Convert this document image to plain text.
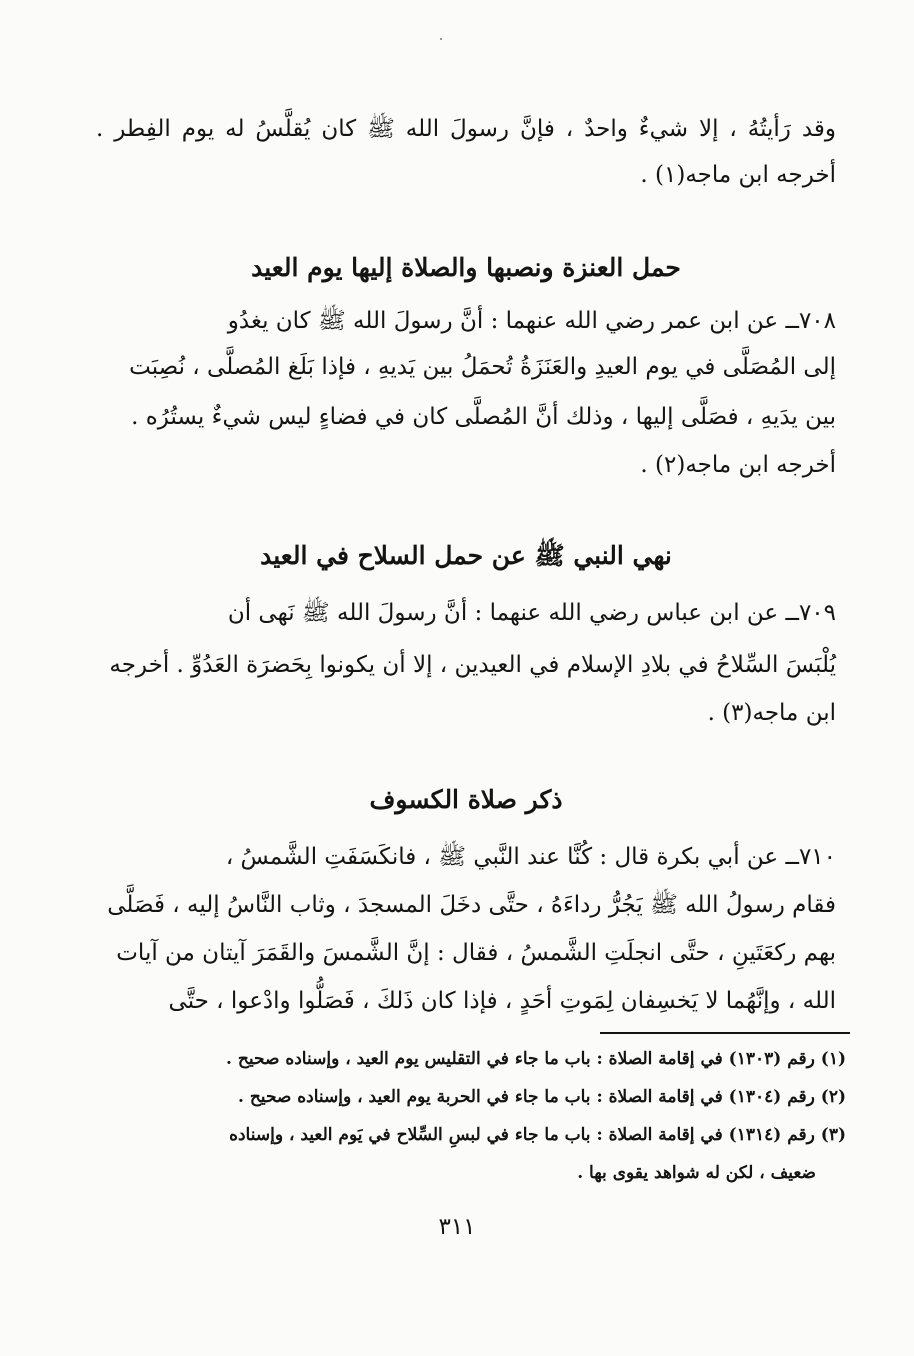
وقد رَأيتُهُ ، إلا شيءٌ واحدٌ ، فإنَّ رسولَ الله ﷺ كان يُقلَّسُ له يوم الفِطر .
أخرجه ابن ماجه(١) .
حمل العنزة ونصبها والصلاة إليها يوم العيد
٧٠٨ــ عن ابن عمر رضي الله عنهما : أنَّ رسولَ الله ﷺ كان يغدُو
إلى المُصَلَّى في يوم العيدِ والعَنَزَةُ تُحمَلُ بين يَديهِ ، فإذا بَلَغ المُصلَّى ، نُصِبَت
بين يدَيهِ ، فصَلَّى إليها ، وذلك أنَّ المُصلَّى كان في فضاءٍ ليس شيءٌ يستُرُه .
أخرجه ابن ماجه(٢) .
نهي النبي ﷺ عن حمل السلاح في العيد
٧٠٩ــ عن ابن عباس رضي الله عنهما : أنَّ رسولَ الله ﷺ نَهى أن
يُلْبَسَ السِّلاحُ في بلادِ الإسلام في العيدين ، إلا أن يكونوا بِحَضرَة العَدُوِّ . أخرجه
ابن ماجه(٣) .
ذكر صلاة الكسوف
٧١٠ــ عن أبي بكرة قال : كُنَّا عند النَّبي ﷺ ، فانكَسَفَتِ الشَّمسُ ،
فقام رسولُ الله ﷺ يَجُرُّ رداءَهُ ، حتَّى دخَلَ المسجدَ ، وثاب النَّاسُ إليه ، فَصَلَّى
بهم ركعَتَينِ ، حتَّى انجلَتِ الشَّمسُ ، فقال : إنَّ الشَّمسَ والقَمَرَ آيتان من آيات
الله ، وإنَّهُما لا يَخسِفان لِمَوتِ أحَدٍ ، فإذا كان ذَلكَ ، فَصَلُّوا وادْعوا ، حتَّى
(١) رقم (١٣٠٣) في إقامة الصلاة : باب ما جاء في التقليس يوم العيد ، وإسناده صحيح .
(٢) رقم (١٣٠٤) في إقامة الصلاة : باب ما جاء في الحربة يوم العيد ، وإسناده صحيح .
(٣) رقم (١٣١٤) في إقامة الصلاة : باب ما جاء في لبسِ السِّلاح في يَوم العيد ، وإسناده
ضعيف ، لكن له شواهد يقوى بها .
٣١١
